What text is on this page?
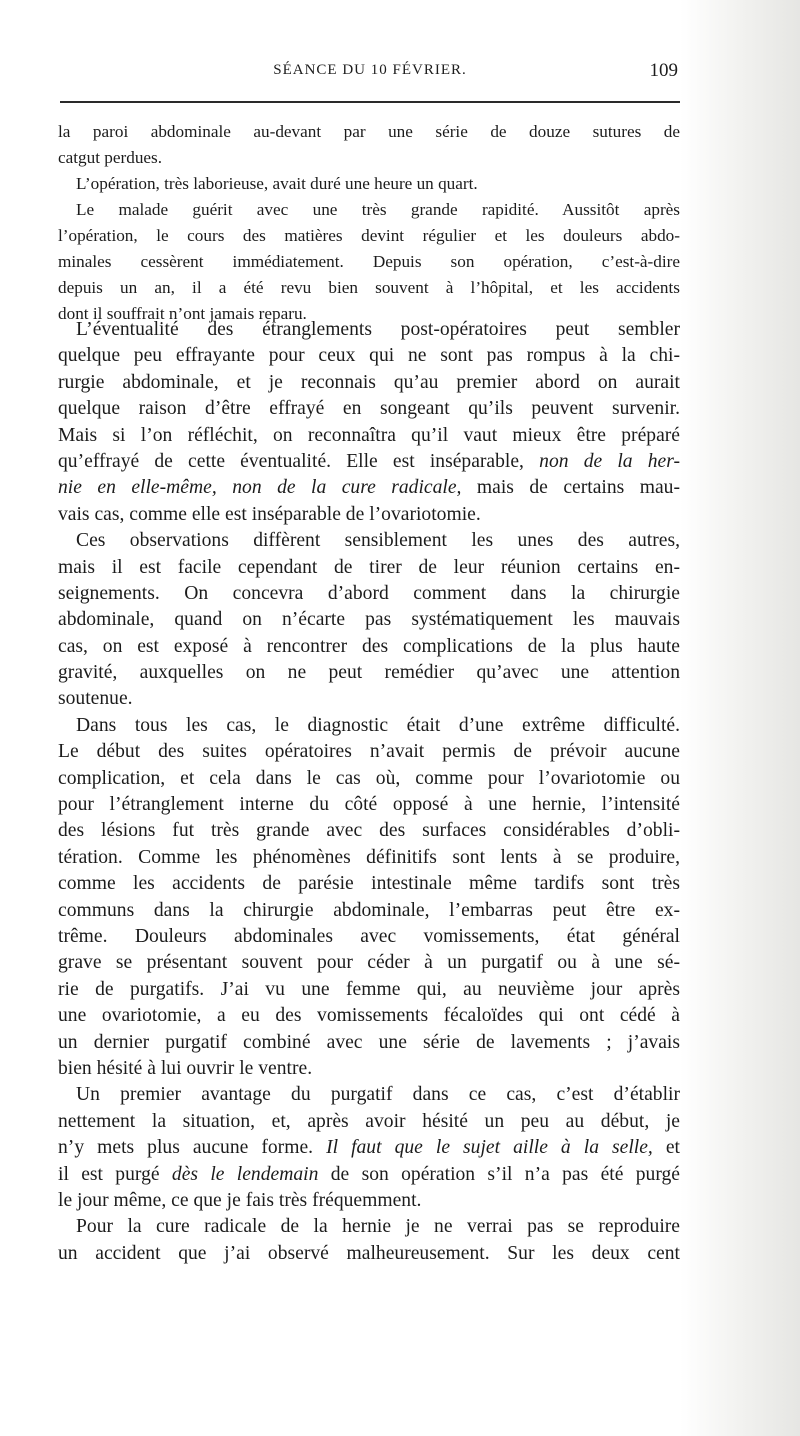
SÉANCE DU 10 FÉVRIER.	109
la paroi abdominale au-devant par une série de douze sutures de
catgut perdues.
L’opération, très laborieuse, avait duré une heure un quart.
Le malade guérit avec une très grande rapidité. Aussitôt après
l’opération, le cours des matières devint régulier et les douleurs abdo-
minales cessèrent immédiatement. Depuis son opération, c’est-à-dire
depuis un an, il a été revu bien souvent à l’hôpital, et les accidents
dont il souffrait n’ont jamais reparu.
L’éventualité des étranglements post-opératoires peut sembler
quelque peu effrayante pour ceux qui ne sont pas rompus à la chi-
rurgie abdominale, et je reconnais qu’au premier abord on aurait
quelque raison d’être effrayé en songeant qu’ils peuvent survenir.
Mais si l’on réfléchit, on reconnaîtra qu’il vaut mieux être préparé
qu’effrayé de cette éventualité. Elle est inséparable, non de la her-
nie en elle-même, non de la cure radicale, mais de certains mau-
vais cas, comme elle est inséparable de l’ovariotomie.
Ces observations diffèrent sensiblement les unes des autres,
mais il est facile cependant de tirer de leur réunion certains en-
seignements. On concevra d’abord comment dans la chirurgie
abdominale, quand on n’écarte pas systématiquement les mauvais
cas, on est exposé à rencontrer des complications de la plus haute
gravité, auxquelles on ne peut remédier qu’avec une attention
soutenue.
Dans tous les cas, le diagnostic était d’une extrême difficulté.
Le début des suites opératoires n’avait permis de prévoir aucune
complication, et cela dans le cas où, comme pour l’ovariotomie ou
pour l’étranglement interne du côté opposé à une hernie, l’intensité
des lésions fut très grande avec des surfaces considérables d’obli-
tération. Comme les phénomènes définitifs sont lents à se produire,
comme les accidents de parésie intestinale même tardifs sont très
communs dans la chirurgie abdominale, l’embarras peut être ex-
trême. Douleurs abdominales avec vomissements, état général
grave se présentant souvent pour céder à un purgatif ou à une sé-
rie de purgatifs. J’ai vu une femme qui, au neuvième jour après
une ovariotomie, a eu des vomissements fécaloïdes qui ont cédé à
un dernier purgatif combiné avec une série de lavements ; j’avais
bien hésité à lui ouvrir le ventre.
Un premier avantage du purgatif dans ce cas, c’est d’établir
nettement la situation, et, après avoir hésité un peu au début, je
n’y mets plus aucune forme. Il faut que le sujet aille à la selle, et
il est purgé dès le lendemain de son opération s’il n’a pas été purgé
le jour même, ce que je fais très fréquemment.
Pour la cure radicale de la hernie je ne verrai pas se reproduire
un accident que j’ai observé malheureusement. Sur les deux cent
